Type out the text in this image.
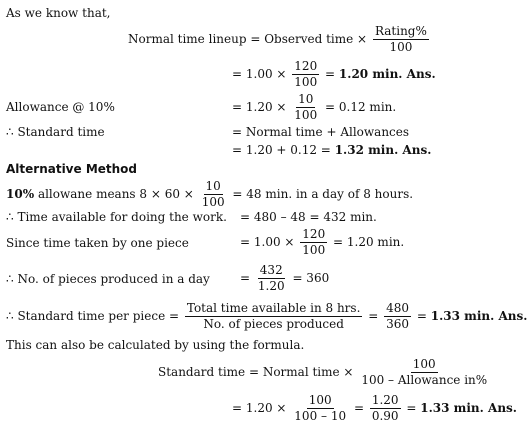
As we know that,
Normal time lineup = Observed time × $\frac{\text{Rating\%}}{100}$
= $1.00 \times \frac{120}{100} = 1.20$ min. Ans.
Allowance @ 10%	= $1.20 \times \frac{10}{100} = 0.12$ min.
∴ Standard time	= Normal time + Allowances
= 1.20 + 0.12 = 1.32 min. Ans.
Alternative Method
10% allowane means $8 \times 60 \times \frac{10}{100} = 48$ min. in a day of 8 hours.
∴ Time available for doing the work. = 480 – 48 = 432 min.
Since time taken by one piece	= $1.00 \times \frac{120}{100} = 1.20$ min.
∴ No. of pieces produced in a day	= $\frac{432}{1.20} = 360$
∴ Standard time per piece = $\frac{\text{Total time available in 8 hrs.}}{\text{No. of pieces produced}} = \frac{480}{360} = 1.33$ min. Ans.
This can also be calculated by using the formula.
Standard time = Normal time × $\frac{100}{\text{100 – Allowance in\%}}$
= $1.20 \times \frac{100}{100 - 10} = \frac{1.20}{0.90} = 1.33$ min. Ans.
